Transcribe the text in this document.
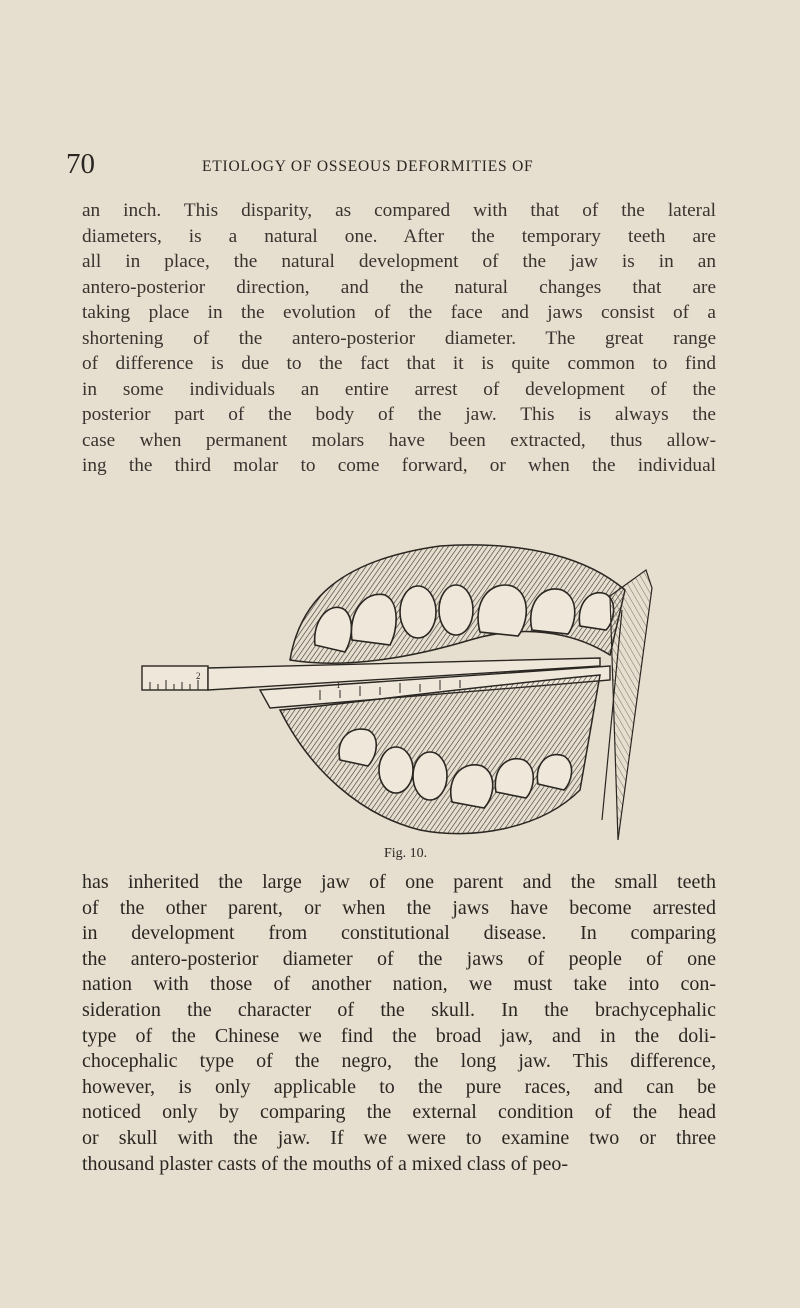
70	ETIOLOGY OF OSSEOUS DEFORMITIES OF
an inch. This disparity, as compared with that of the lateral
diameters, is a natural one. After the temporary teeth are
all in place, the natural development of the jaw is in an
antero-posterior direction, and the natural changes that are
taking place in the evolution of the face and jaws consist of a
shortening of the antero-posterior diameter. The great range
of difference is due to the fact that it is quite common to find
in some individuals an entire arrest of development of the
posterior part of the body of the jaw. This is always the
case when permanent molars have been extracted, thus allow-
ing the third molar to come forward, or when the individual
2
1
Fig. 10.
has inherited the large jaw of one parent and the small teeth
of the other parent, or when the jaws have become arrested
in development from constitutional disease. In comparing
the antero-posterior diameter of the jaws of people of one
nation with those of another nation, we must take into con-
sideration the character of the skull. In the brachycephalic
type of the Chinese we find the broad jaw, and in the doli-
chocephalic type of the negro, the long jaw. This difference,
however, is only applicable to the pure races, and can be
noticed only by comparing the external condition of the head
or skull with the jaw. If we were to examine two or three
thousand plaster casts of the mouths of a mixed class of peo-
